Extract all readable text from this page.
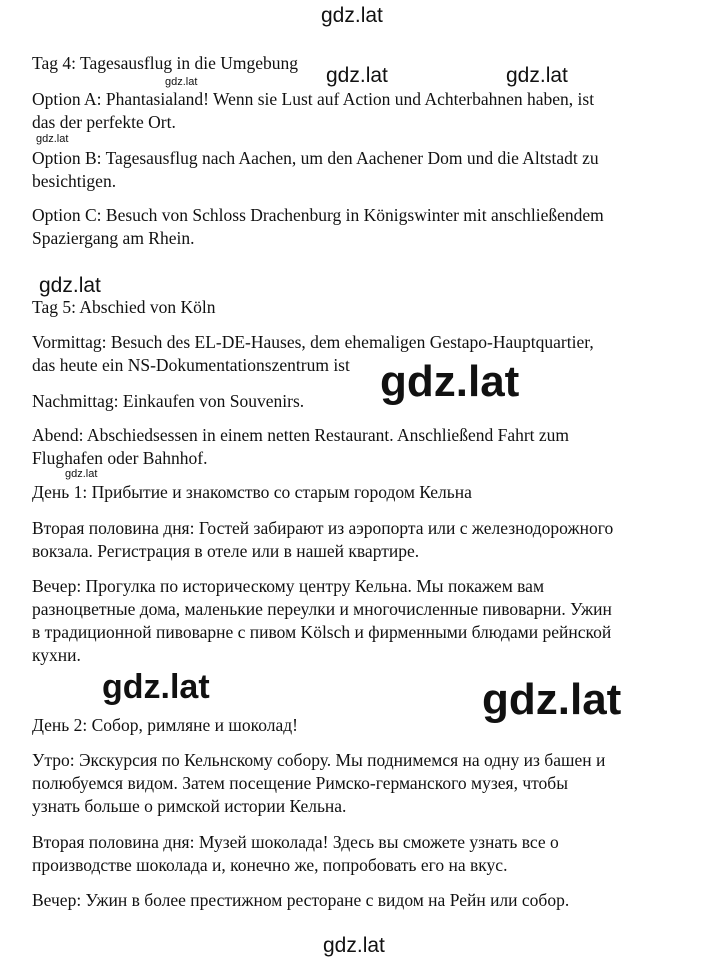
gdz.lat
gdz.lat	gdz.lat	gdz.lat
gdz.lat
gdz.lat
gdz.lat
gdz.lat
gdz.lat	gdz.lat
gdz.lat

Tag 4: Tagesausflug in die Umgebung

Option A: Phantasialand! Wenn sie Lust auf Action und Achterbahnen haben, ist

das der perfekte Ort.

Option B: Tagesausflug nach Aachen, um den Aachener Dom und die Altstadt zu

besichtigen.

Option C: Besuch von Schloss Drachenburg in Königswinter mit anschließendem

Spaziergang am Rhein.

Tag 5: Abschied von Köln

Vormittag: Besuch des EL-DE-Hauses, dem ehemaligen Gestapo-Hauptquartier,

das heute ein NS-Dokumentationszentrum ist

Nachmittag: Einkaufen von Souvenirs.

Abend: Abschiedsessen in einem netten Restaurant. Anschließend Fahrt zum

Flughafen oder Bahnhof.

День 1: Прибытие и знакомство со старым городом Кельна

Вторая половина дня: Гостей забирают из аэропорта или с железнодорожного

вокзала. Регистрация в отеле или в нашей квартире.

Вечер: Прогулка по историческому центру Кельна. Мы покажем вам

разноцветные дома, маленькие переулки и многочисленные пивоварни. Ужин

в традиционной пивоварне с пивом Kölsch и фирменными блюдами рейнской

кухни.

День 2: Собор, римляне и шоколад!

Утро: Экскурсия по Кельнскому собору. Мы поднимемся на одну из башен и

полюбуемся видом. Затем посещение Римско-германского музея, чтобы

узнать больше о римской истории Кельна.

Вторая половина дня: Музей шоколада! Здесь вы сможете узнать все о

производстве шоколада и, конечно же, попробовать его на вкус.

Вечер: Ужин в более престижном ресторане с видом на Рейн или собор.
